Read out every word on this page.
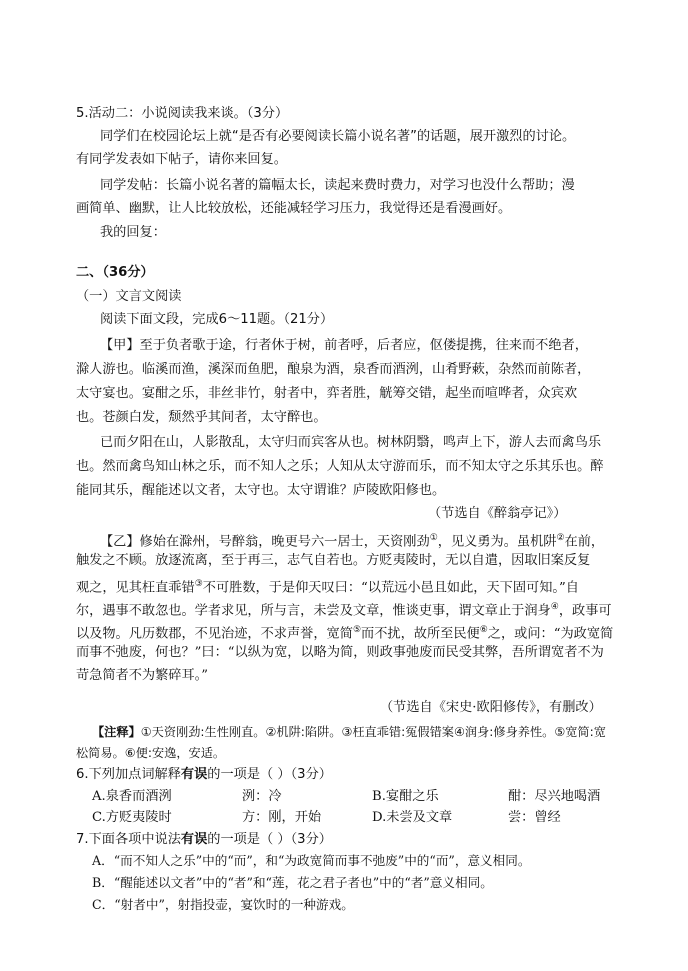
5.活动二：小说阅读我来谈。（3分）
同学们在校园论坛上就“是否有必要阅读长篇小说名著”的话题，展开激烈的讨论。
有同学发表如下帖子，请你来回复。
同学发帖：长篇小说名著的篇幅太长，读起来费时费力，对学习也没什么帮助；漫
画简单、幽默，让人比较放松，还能减轻学习压力，我觉得还是看漫画好。
我的回复：
二、（36分）
（一）文言文阅读
阅读下面文段，完成6～11题。（21分）
【甲】至于负者歌于途，行者休于树，前者呼，后者应，伛偻提携，往来而不绝者，
滁人游也。临溪而渔，溪深而鱼肥，酿泉为酒，泉香而酒洌，山肴野蔌，杂然而前陈者，
太守宴也。宴酣之乐，非丝非竹，射者中，弈者胜，觥筹交错，起坐而喧哗者，众宾欢
也。苍颜白发，颓然乎其间者，太守醉也。
已而夕阳在山，人影散乱，太守归而宾客从也。树林阴翳，鸣声上下，游人去而禽鸟乐
也。然而禽鸟知山林之乐，而不知人之乐；人知从太守游而乐，而不知太守之乐其乐也。醉
能同其乐，醒能述以文者，太守也。太守谓谁？庐陵欧阳修也。
（节选自《醉翁亭记》）
【乙】修始在滁州，号醉翁，晚更号六一居士，天资刚劲①，见义勇为。虽机阱②在前，
触发之不顾。放逐流离，至于再三，志气自若也。方贬夷陵时，无以自遣，因取旧案反复
观之，见其枉直乖错③不可胜数，于是仰天叹曰：“以荒远小邑且如此，天下固可知。”自
尔，遇事不敢忽也。学者求见，所与言，未尝及文章，惟谈吏事，谓文章止于润身④，政事可
以及物。凡历数郡，不见治迹，不求声誉，宽简⑤而不扰，故所至民便⑥之，或问：“为政宽简
而事不弛废，何也？”曰：“以纵为宽，以略为简，则政事弛废而民受其弊，吾所谓宽者不为
苛急简者不为繁碎耳。”
（节选自《宋史·欧阳修传》，有删改）
【注释】①天资刚劲:生性刚直。②机阱:陷阱。③枉直乖错:冤假错案④润身:修身养性。⑤宽简:宽
松简易。⑥便:安逸，安适。
6.下列加点词解释有误的一项是（ ）（3分）
A.泉香而酒洌	洌：冷	B.宴酣之乐	酣：尽兴地喝酒
C.方贬夷陵时	方：刚，开始	D.未尝及文章	尝：曾经
7.下面各项中说法有误的一项是（ ）（3分）
A．“而不知人之乐”中的“而”，和“为政宽简而事不弛废”中的“而”，意义相同。
B．“醒能述以文者”中的“者”和“莲，花之君子者也”中的“者”意义相同。
C．“射者中”，射指投壶，宴饮时的一种游戏。
